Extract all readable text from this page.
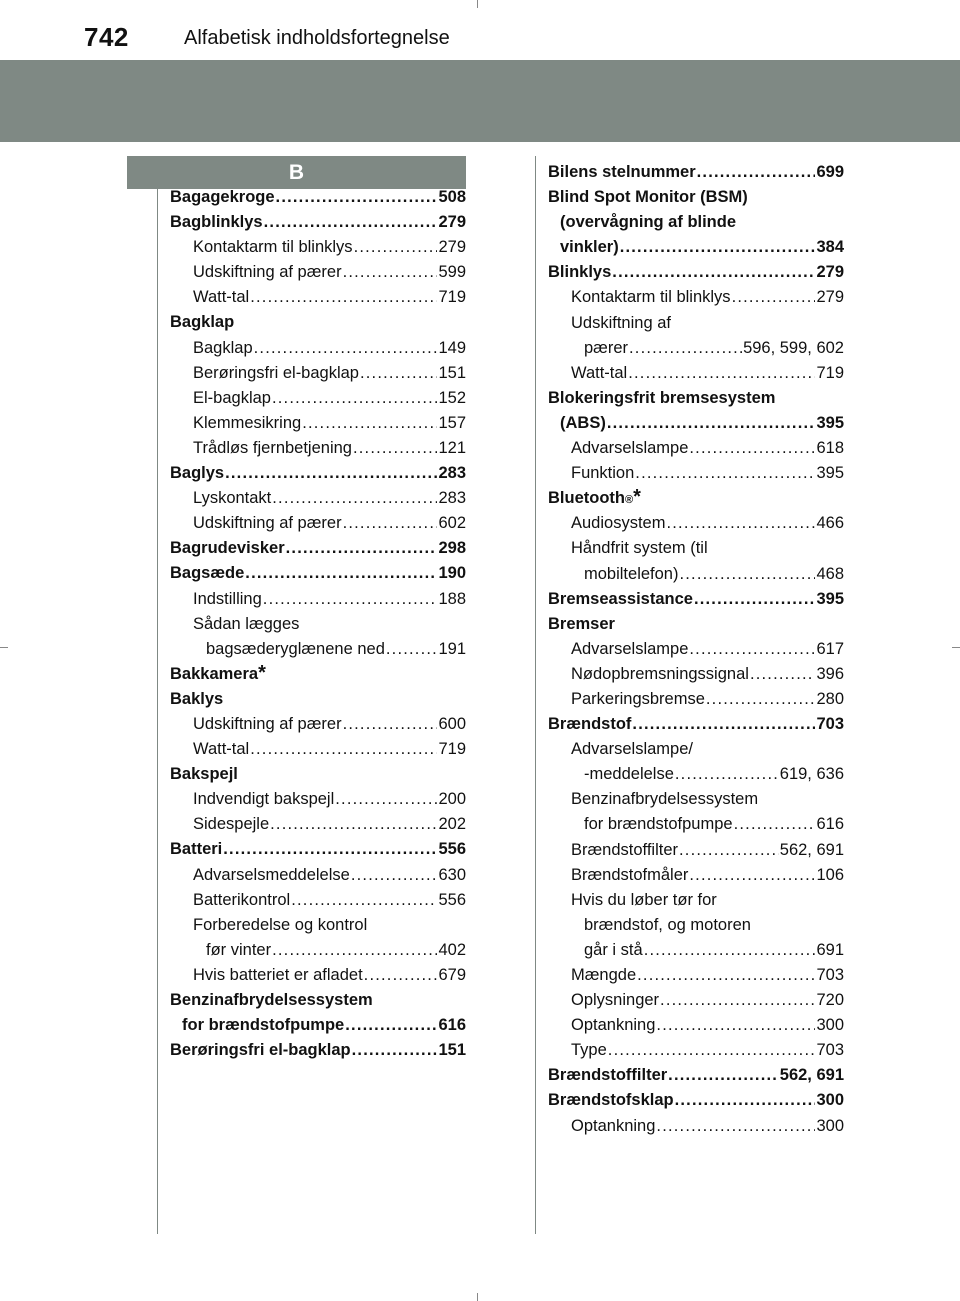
742	Alfabetisk indholdsfortegnelse
B
Bagagekroge .....	508
Bagblinklys .....	279
Kontaktarm til blinklys .....	279
Udskiftning af pærer .....	599
Watt-tal .....	719
Bagklap
Bagklap .....	149
Berøringsfri el-bagklap .....	151
El-bagklap .....	152
Klemmesikring .....	157
Trådløs fjernbetjening .....	121
Baglys .....	283
Lyskontakt .....	283
Udskiftning af pærer .....	602
Bagrudevisker .....	298
Bagsæde .....	190
Indstilling .....	188
Sådan lægges
bagsæderyglænene ned .....	191
Bakkamera *
Baklys
Udskiftning af pærer .....	600
Watt-tal .....	719
Bakspejl
Indvendigt bakspejl .....	200
Sidespejle .....	202
Batteri .....	556
Advarselsmeddelelse .....	630
Batterikontrol .....	556
Forberedelse og kontrol
før vinter .....	402
Hvis batteriet er afladet .....	679
Benzinafbrydelsessystem
for brændstofpumpe .....	616
Berøringsfri el-bagklap .....	151
Bilens stelnummer .....	699
Blind Spot Monitor (BSM)
(overvågning af blinde
vinkler) .....	384
Blinklys .....	279
Kontaktarm til blinklys .....	279
Udskiftning af
pærer .....	596, 599, 602
Watt-tal .....	719
Blokeringsfrit bremsesystem
(ABS) .....	395
Advarselslampe .....	618
Funktion .....	395
Bluetooth ® *
Audiosystem .....	466
Håndfrit system (til
mobiltelefon) .....	468
Bremseassistance .....	395
Bremser
Advarselslampe .....	617
Nødopbremsningssignal .....	396
Parkeringsbremse .....	280
Brændstof .....	703
Advarselslampe/
-meddelelse .....	619, 636
Benzinafbrydelsessystem
for brændstofpumpe .....	616
Brændstoffilter .....	562, 691
Brændstofmåler .....	106
Hvis du løber tør for
brændstof, og motoren
går i stå .....	691
Mængde .....	703
Oplysninger .....	720
Optankning .....	300
Type .....	703
Brændstoffilter .....	562, 691
Brændstofsklap .....	300
Optankning .....	300
